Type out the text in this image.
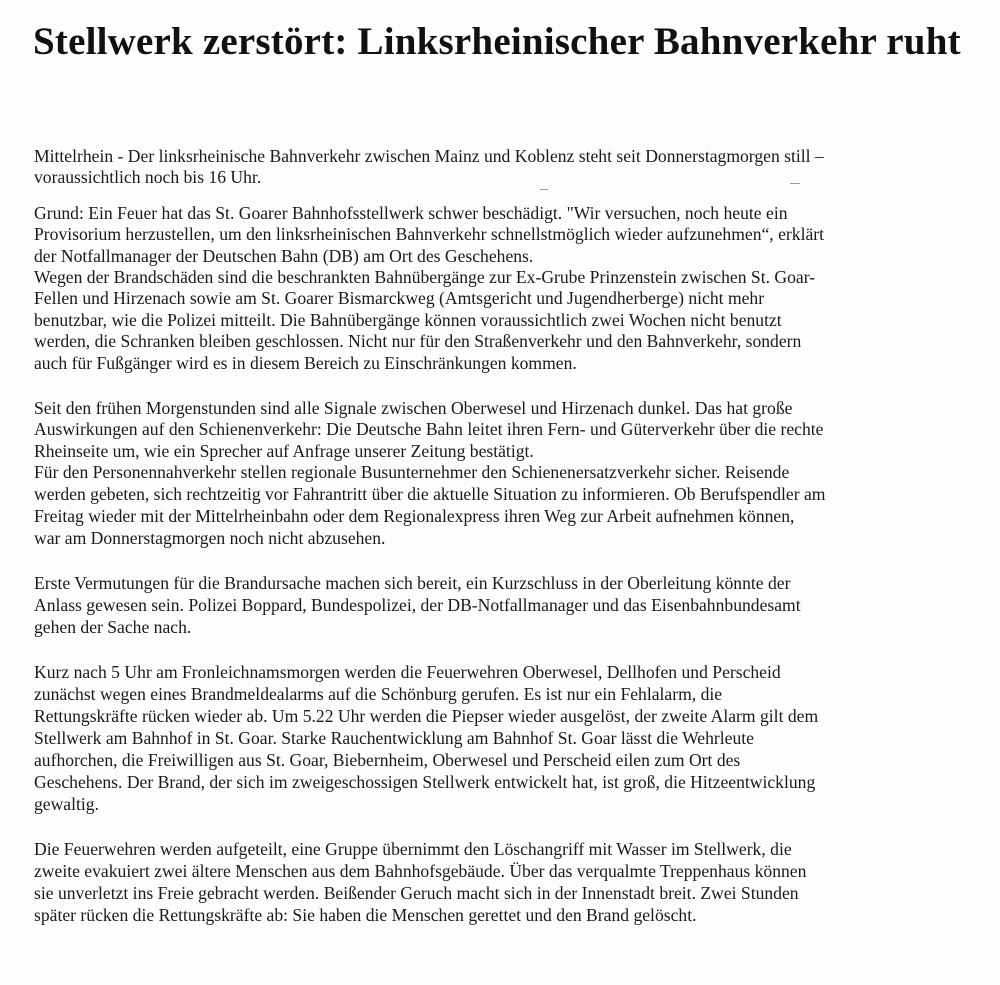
Stellwerk zerstört: Linksrheinischer Bahnverkehr ruht
Mittelrhein - Der linksrheinische Bahnverkehr zwischen Mainz und Koblenz steht seit Donnerstagmorgen still –
voraussichtlich noch bis 16 Uhr.
Grund: Ein Feuer hat das St. Goarer Bahnhofsstellwerk schwer beschädigt. "Wir versuchen, noch heute ein
Provisorium herzustellen, um den linksrheinischen Bahnverkehr schnellstmöglich wieder aufzunehmen“, erklärt
der Notfallmanager der Deutschen Bahn (DB) am Ort des Geschehens.
Wegen der Brandschäden sind die beschrankten Bahnübergänge zur Ex-Grube Prinzenstein zwischen St. Goar-
Fellen und Hirzenach sowie am St. Goarer Bismarckweg (Amtsgericht und Jugendherberge) nicht mehr
benutzbar, wie die Polizei mitteilt. Die Bahnübergänge können voraussichtlich zwei Wochen nicht benutzt
werden, die Schranken bleiben geschlossen. Nicht nur für den Straßenverkehr und den Bahnverkehr, sondern
auch für Fußgänger wird es in diesem Bereich zu Einschränkungen kommen.
Seit den frühen Morgenstunden sind alle Signale zwischen Oberwesel und Hirzenach dunkel. Das hat große
Auswirkungen auf den Schienenverkehr: Die Deutsche Bahn leitet ihren Fern- und Güterverkehr über die rechte
Rheinseite um, wie ein Sprecher auf Anfrage unserer Zeitung bestätigt.
Für den Personennahverkehr stellen regionale Busunternehmer den Schienenersatzverkehr sicher. Reisende
werden gebeten, sich rechtzeitig vor Fahrantritt über die aktuelle Situation zu informieren. Ob Berufspendler am
Freitag wieder mit der Mittelrheinbahn oder dem Regionalexpress ihren Weg zur Arbeit aufnehmen können,
war am Donnerstagmorgen noch nicht abzusehen.
Erste Vermutungen für die Brandursache machen sich bereit, ein Kurzschluss in der Oberleitung könnte der
Anlass gewesen sein. Polizei Boppard, Bundespolizei, der DB-Notfallmanager und das Eisenbahnbundesamt
gehen der Sache nach.
Kurz nach 5 Uhr am Fronleichnamsmorgen werden die Feuerwehren Oberwesel, Dellhofen und Perscheid
zunächst wegen eines Brandmeldealarms auf die Schönburg gerufen. Es ist nur ein Fehlalarm, die
Rettungskräfte rücken wieder ab. Um 5.22 Uhr werden die Piepser wieder ausgelöst, der zweite Alarm gilt dem
Stellwerk am Bahnhof in St. Goar. Starke Rauchentwicklung am Bahnhof St. Goar lässt die Wehrleute
aufhorchen, die Freiwilligen aus St. Goar, Biebernheim, Oberwesel und Perscheid eilen zum Ort des
Geschehens. Der Brand, der sich im zweigeschossigen Stellwerk entwickelt hat, ist groß, die Hitzeentwicklung
gewaltig.
Die Feuerwehren werden aufgeteilt, eine Gruppe übernimmt den Löschangriff mit Wasser im Stellwerk, die
zweite evakuiert zwei ältere Menschen aus dem Bahnhofsgebäude. Über das verqualmte Treppenhaus können
sie unverletzt ins Freie gebracht werden. Beißender Geruch macht sich in der Innenstadt breit. Zwei Stunden
später rücken die Rettungskräfte ab: Sie haben die Menschen gerettet und den Brand gelöscht.
